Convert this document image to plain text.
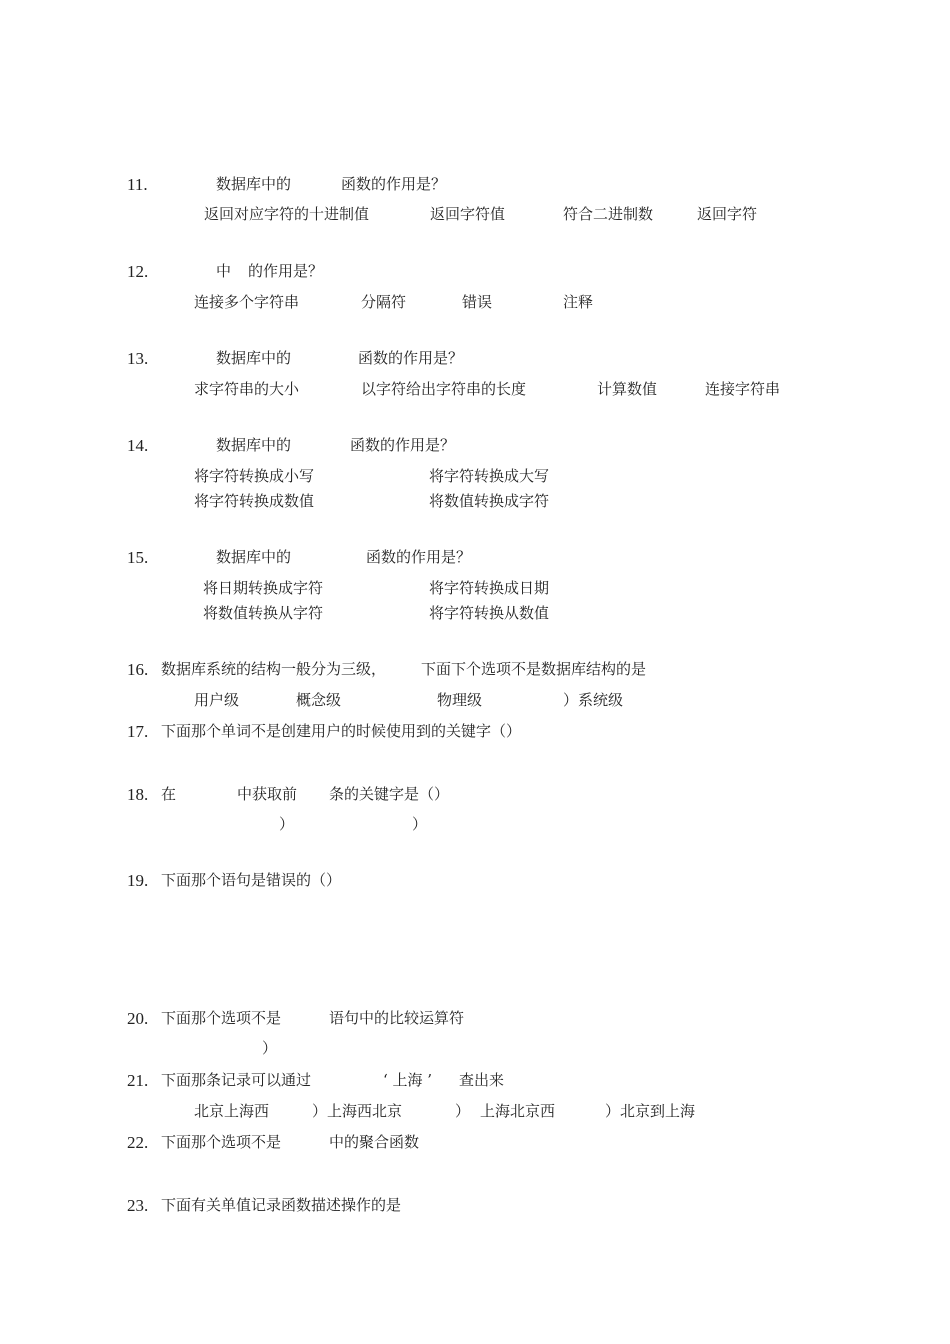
11.	数据库中的	函数的作用是？
返回对应字符的十进制值	返回字符值	符合二进制数	返回字符
12.	中 的作用是？
连接多个字符串	分隔符	错误	注释
13.	数据库中的	函数的作用是？
求字符串的大小	以字符给出字符串的长度	计算数值	连接字符串
14.	数据库中的	函数的作用是？
将字符转换成小写	将字符转换成大写
将字符转换成数值	将数值转换成字符
15.	数据库中的	函数的作用是？
将日期转换成字符	将字符转换成日期
将数值转换从字符	将字符转换从数值
16. 数据库系统的结构一般分为三级， 下面下个选项不是数据库结构的是
用户级	概念级	物理级	）系统级
17. 下面那个单词不是创建用户的时候使用到的关键字（）
18. 在	中获取前 条的关键字是（）
）	）
19. 下面那个语句是错误的（）
20. 下面那个选项不是	语句中的比较运算符
）
21. 下面那条记录可以通过	‘ 上海 ’ 查出来
北京上海西	）上海西北京	） 上海北京西	）北京到上海
22. 下面那个选项不是	中的聚合函数
23. 下面有关单值记录函数描述操作的是
